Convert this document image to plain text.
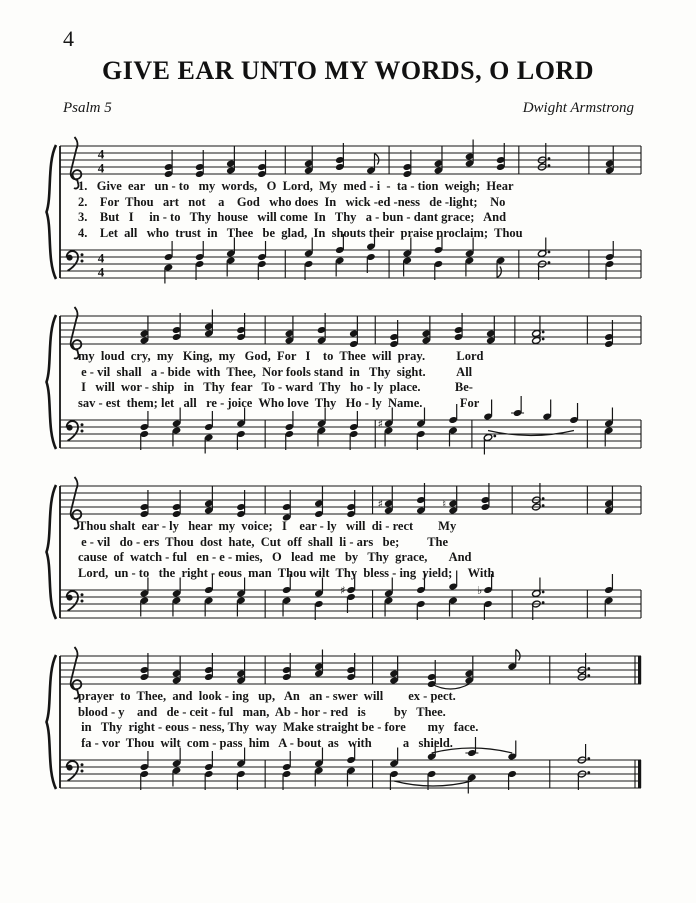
4
GIVE EAR UNTO MY WORDS, O LORD
Psalm 5	Dwight Armstrong
4
4
4
4
1.   Give  ear   un - to   my  words,   O  Lord,  My  med - i  -  ta - tion  weigh;  Hear
2.    For  Thou   art   not    a    God   who does  In   wick -ed -ness   de -light;    No
3.    But   I     in - to   Thy  house   will come  In   Thy   a - bun - dant grace;   And
4.    Let  all   who  trust  in   Thee   be  glad,  In  shouts their  praise proclaim;  Thou
♯
my  loud  cry,  my   King,  my   God,  For   I    to  Thee  will  pray.          Lord
e - vil  shall   a - bide  with  Thee,  Nor fools stand  in   Thy  sight.          All
I   will  wor - ship   in   Thy  fear   To - ward  Thy   ho - ly  place.           Be-
sav - est  them; let   all   re - joice  Who love  Thy   Ho - ly  Name.            For
♯	♮
♯	♭
Thou shalt  ear - ly   hear  my  voice;   I    ear - ly   will  di - rect        My
e - vil   do - ers  Thou  dost  hate,  Cut  off  shall  li - ars   be;         The
cause  of  watch - ful   en - e - mies,   O   lead  me   by   Thy  grace,       And
Lord,  un - to   the  right - eous  man  Thou wilt  Thy  bless - ing  yield;     With
prayer  to  Thee,  and  look - ing   up,   An   an - swer  will        ex - pect.
blood - y    and   de - ceit - ful   man,  Ab - hor - red   is         by   Thee.
in   Thy  right - eous - ness, Thy  way  Make straight be - fore       my   face.
fa - vor  Thou  wilt  com - pass  him   A - bout  as   with          a   shield.
